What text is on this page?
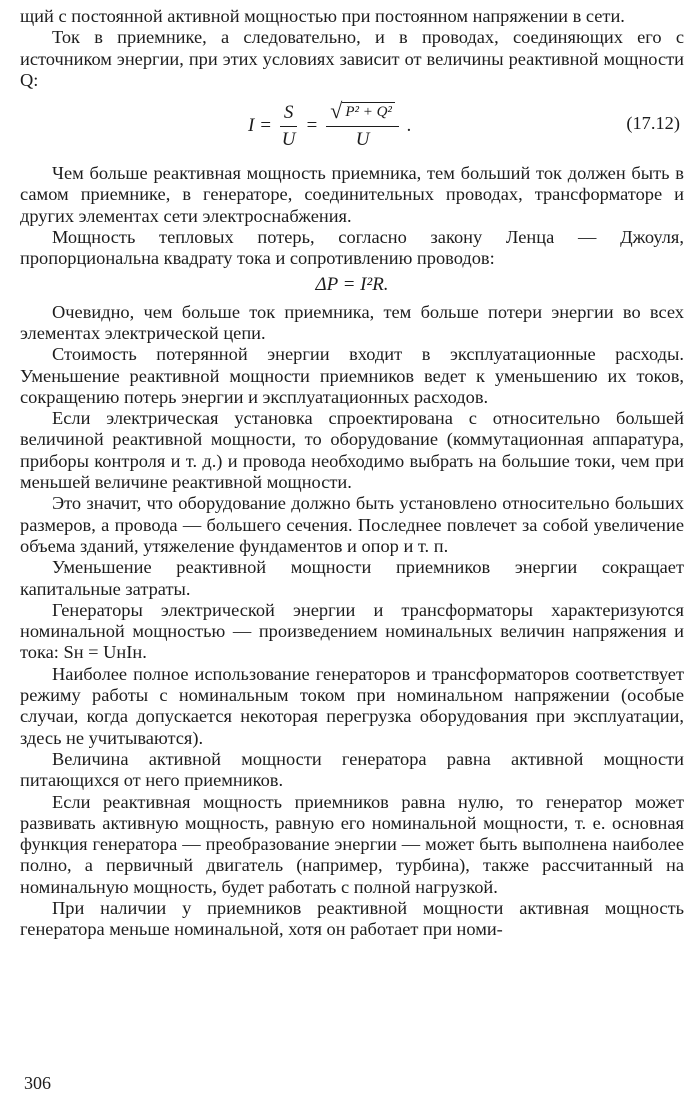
щий с постоянной активной мощностью при постоянном напряжении в сети.

Ток в приемнике, а следовательно, и в проводах, соединяющих его с источником энергии, при этих условиях зависит от величины реактивной мощности Q:

$I = \frac{S}{U} = \frac{\text{√ P² + Q²}}{U}$ .	(17.12)

Чем больше реактивная мощность приемника, тем больший ток должен быть в самом приемнике, в генераторе, соединительных проводах, трансформаторе и других элементах сети электроснабжения.

Мощность тепловых потерь, согласно закону Ленца — Джоуля, пропорциональна квадрату тока и сопротивлению проводов:

ΔP = I²R.

Очевидно, чем больше ток приемника, тем больше потери энергии во всех элементах электрической цепи.

Стоимость потерянной энергии входит в эксплуатационные расходы. Уменьшение реактивной мощности приемников ведет к уменьшению их токов, сокращению потерь энергии и эксплуатационных расходов.

Если электрическая установка спроектирована с относительно большей величиной реактивной мощности, то оборудование (коммутационная аппаратура, приборы контроля и т. д.) и провода необходимо выбрать на большие токи, чем при меньшей величине реактивной мощности.

Это значит, что оборудование должно быть установлено относительно больших размеров, а провода — большего сечения. Последнее повлечет за собой увеличение объема зданий, утяжеление фундаментов и опор и т. п.

Уменьшение реактивной мощности приемников энергии сокращает капитальные затраты.

Генераторы электрической энергии и трансформаторы характеризуются номинальной мощностью — произведением номинальных величин напряжения и тока: Sн = UнIн.

Наиболее полное использование генераторов и трансформаторов соответствует режиму работы с номинальным током при номинальном напряжении (особые случаи, когда допускается некоторая перегрузка оборудования при эксплуатации, здесь не учитываются).

Величина активной мощности генератора равна активной мощности питающихся от него приемников.

Если реактивная мощность приемников равна нулю, то генератор может развивать активную мощность, равную его номинальной мощности, т. е. основная функция генератора — преобразование энергии — может быть выполнена наиболее полно, а первичный двигатель (например, турбина), также рассчитанный на номинальную мощность, будет работать с полной нагрузкой.

При наличии у приемников реактивной мощности активная мощность генератора меньше номинальной, хотя он работает при номи-

306
